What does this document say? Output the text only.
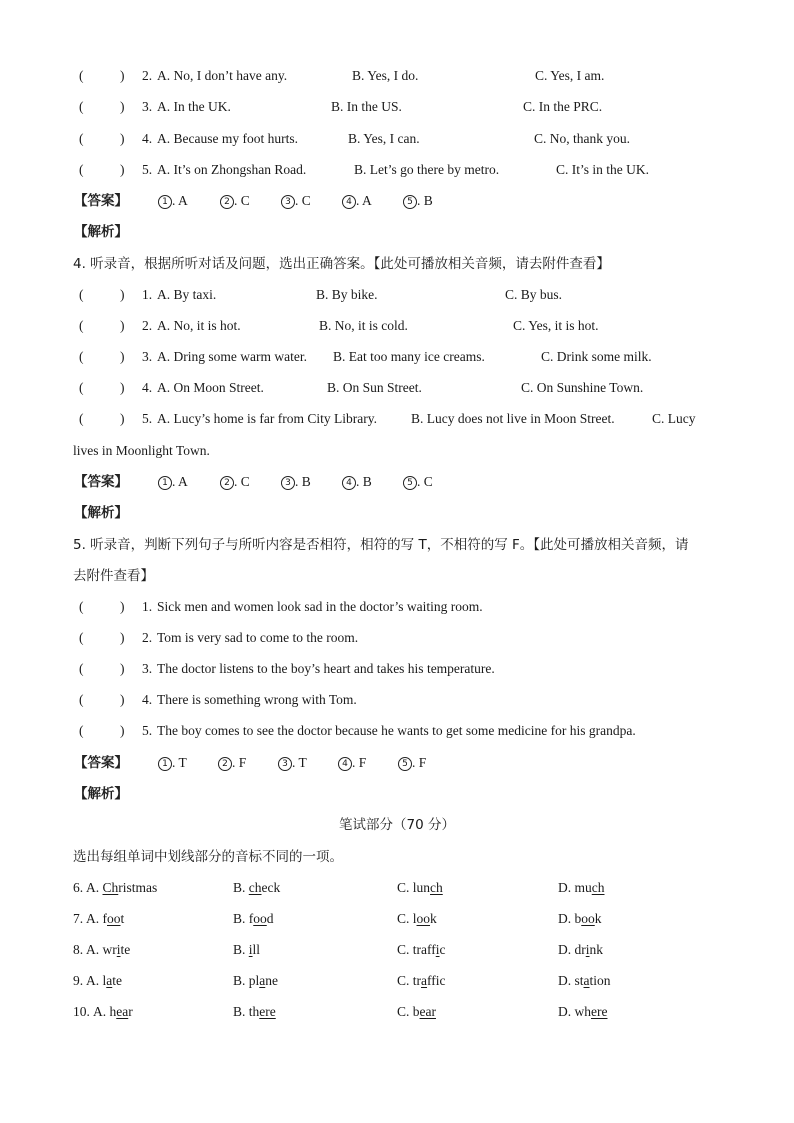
(	) 2. A. No, I don’t have any.	B. Yes, I do.	C. Yes, I am.
(	) 3. A. In the UK.	B. In the US.	C. In the PRC.
(	) 4. A. Because my foot hurts.	B. Yes, I can.	C. No, thank you.
(	) 5. A. It’s on Zhongshan Road.	B. Let’s go there by metro.	C. It’s in the UK.
【答案】	1 . A	2 . C	3 . C	4 . A	5 . B
【解析】
4. 听录音，根据所听对话及问题，选出正确答案。【此处可播放相关音频，请去附件查看】
(	) 1. A. By taxi.	B. By bike.	C. By bus.
(	) 2. A. No, it is hot.	B. No, it is cold.	C. Yes, it is hot.
(	) 3. A. Dring some warm water. B. Eat too many ice creams.	C. Drink some milk.
(	) 4. A. On Moon Street.	B. On Sun Street.	C. On Sunshine Town.
(	) 5. A. Lucy’s home is far from City Library.	B. Lucy does not live in Moon Street.	C. Lucy
lives in Moonlight Town.
【答案】	1 . A	2 . C	3 . B	4 . B	5 . C
【解析】
5. 听录音，判断下列句子与所听内容是否相符，相符的写 T，不相符的写 F。【此处可播放相关音频，请
去附件查看】
(	) 1. Sick men and women look sad in the doctor’s waiting room.
(	) 2. Tom is very sad to come to the room.
(	) 3. The doctor listens to the boy’s heart and takes his temperature.
(	) 4. There is something wrong with Tom.
(	) 5. The boy comes to see the doctor because he wants to get some medicine for his grandpa.
【答案】	1 . T	2 . F	3 . T	4 . F	5 . F
【解析】
笔试部分（70 分）
选出每组单词中划线部分的音标不同的一项。
6. A. Christmas	B. check	C. lunch	D. much
7. A. foot	B. food	C. look	D. book
8. A. write	B. ill	C. traffic	D. drink
9. A. late	B. plane	C. traffic	D. station
10. A. hear	B. there	C. bear	D. where
